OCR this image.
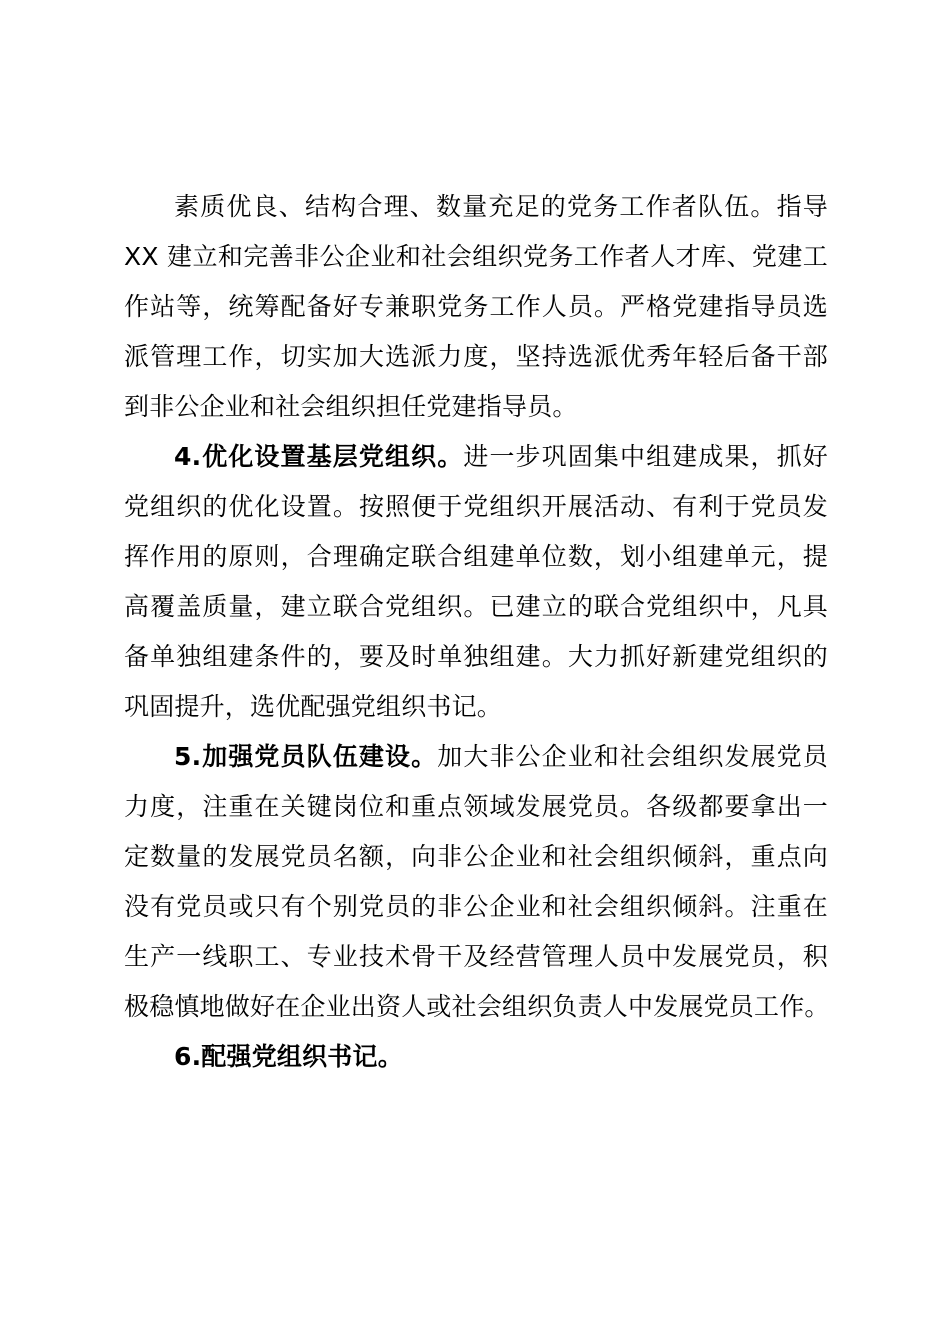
素质优良、结构合理、数量充足的党务工作者队伍。指导
XX 建立和完善非公企业和社会组织党务工作者人才库、党建工
作站等，统筹配备好专兼职党务工作人员。严格党建指导员选
派管理工作，切实加大选派力度，坚持选派优秀年轻后备干部
到非公企业和社会组织担任党建指导员。
4.优化设置基层党组织。进一步巩固集中组建成果，抓好
党组织的优化设置。按照便于党组织开展活动、有利于党员发
挥作用的原则，合理确定联合组建单位数，划小组建单元，提
高覆盖质量，建立联合党组织。已建立的联合党组织中，凡具
备单独组建条件的，要及时单独组建。大力抓好新建党组织的
巩固提升，选优配强党组织书记。
5.加强党员队伍建设。加大非公企业和社会组织发展党员
力度，注重在关键岗位和重点领域发展党员。各级都要拿出一
定数量的发展党员名额，向非公企业和社会组织倾斜，重点向
没有党员或只有个别党员的非公企业和社会组织倾斜。注重在
生产一线职工、专业技术骨干及经营管理人员中发展党员，积
极稳慎地做好在企业出资人或社会组织负责人中发展党员工作。
6.配强党组织书记。
